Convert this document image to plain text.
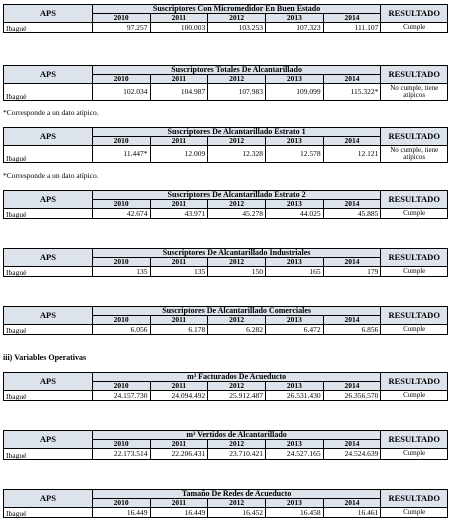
APS	Suscriptores Con Micromedidor En Buen Estado					RESULTADO
	2010	2011	2012	2013	2014	
Ibagué	97.257	100.003	103.253	107.323	111.107	Cumple
APS	Suscriptores Totales De Alcantarillado					RESULTADO
	2010	2011	2012	2013	2014	
Ibagué	102.034	104.987	107.983	109.099	115.322*	No cumple, tiene atípicos
*Corresponde a un dato atípico.
APS	Suscriptores De Alcantarillado Estrato 1					RESULTADO
	2010	2011	2012	2013	2014	
Ibagué	11.447*	12.009	12.328	12.578	12.121	No cumple, tiene atípicos
*Corresponde a un dato atípico.
APS	Suscriptores De Alcantarillado Estrato 2					RESULTADO
	2010	2011	2012	2013	2014	
Ibagué	42.674	43.971	45.278	44.025	45.885	Cumple
APS	Suscriptores De Alcantarillado Industriales					RESULTADO
	2010	2011	2012	2013	2014	
Ibagué	135	135	150	165	179	Cumple
APS	Suscriptores De Alcantarillado Comerciales					RESULTADO
	2010	2011	2012	2013	2014	
Ibagué	6.056	6.178	6.282	6.472	6.856	Cumple
APS	m³ Facturados De Acueducto					RESULTADO
	2010	2011	2012	2013	2014	
Ibagué	24.157.730	24.094.492	25.912.487	26.531.430	26.356.570	Cumple
APS	m³ Vertidos de Alcantarillado					RESULTADO
	2010	2011	2012	2013	2014	
Ibagué	22.173.514	22.206.431	23.710.421	24.527.165	24.524.639	Cumple
APS	Tamaño De Redes de Acueducto					RESULTADO
	2010	2011	2012	2013	2014	
Ibagué	16.449	16.449	16.452	16.458	16.461	Cumple
iii) Variables Operativas
